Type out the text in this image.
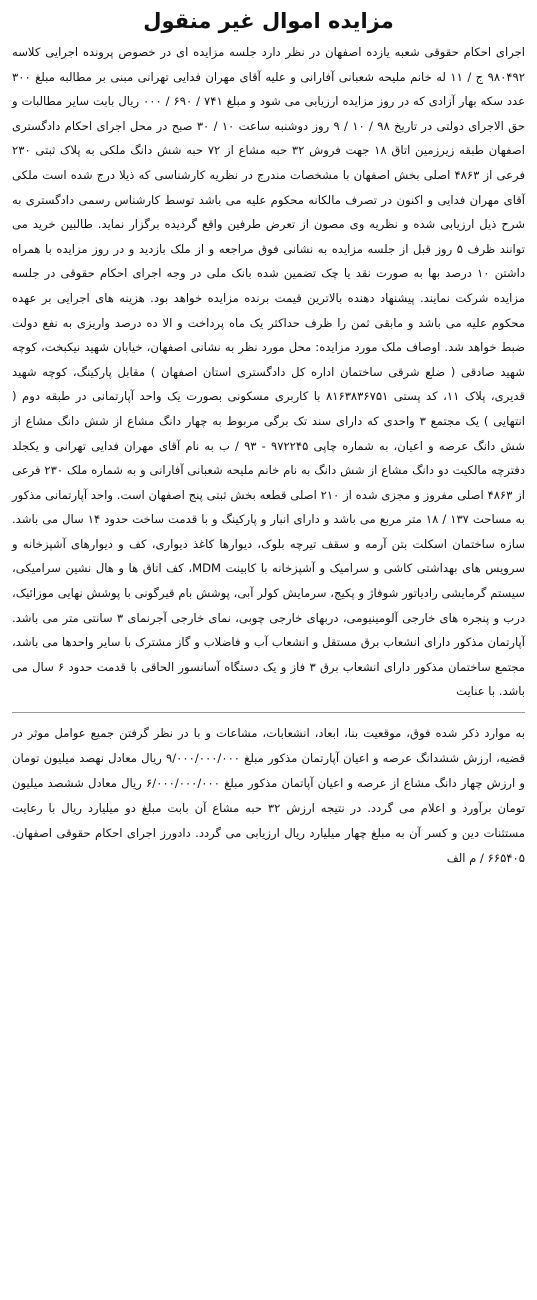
مزایده اموال غیر منقول

اجرای احکام حقوقی شعبه یازده اصفهان در نظر دارد جلسه مزایده ای در خصوص پرونده اجرایی کلاسه ۹۸۰۴۹۲ ج / ۱۱ له خانم ملیحه شعبانی آفارانی و علیه آقای مهران فدایی تهرانی مبنی بر مطالبه مبلغ ۳۰۰ عدد سکه بهار آزادی که در روز مزایده ارزیابی می شود و مبلغ ۷۴۱ / ۶۹۰ / ۰۰۰ ریال بابت سایر مطالبات و حق الاجرای دولتی در تاریخ ۹۸ / ۱۰ / ۹ روز دوشنبه ساعت ۱۰ / ۳۰ صبح در محل اجرای احکام دادگستری اصفهان طبقه زیرزمین اتاق ۱۸ جهت فروش ۳۲ حبه مشاع از ۷۲ حبه شش دانگ ملکی به پلاک ثبتی ۲۳۰ فرعی از ۴۸۶۳ اصلی بخش اصفهان با مشخصات مندرج در نظریه کارشناسی که ذیلا درج شده است ملکی آقای مهران فدایی و اکنون در تصرف مالکانه محکوم علیه می باشد توسط کارشناس رسمی دادگستری به شرح ذیل ارزیابی شده و نظریه وی مصون از تعرض طرفین واقع گردیده برگزار نماید. طالبین خرید می توانند ظرف ۵ روز قبل از جلسه مزایده به نشانی فوق مراجعه و از ملک بازدید و در روز مزایده با همراه داشتن ۱۰ درصد بها به صورت نقد یا چک تضمین شده بانک ملی در وجه اجرای احکام حقوقی در جلسه مزایده شرکت نمایند. پیشنهاد دهنده بالاترین قیمت برنده مزایده خواهد بود. هزینه های اجرایی بر عهده محکوم علیه می باشد و مابقی ثمن را ظرف حداکثر یک ماه پرداخت و الا ده درصد واریزی به نفع دولت ضبط خواهد شد. اوصاف ملک مورد مزایده: محل مورد نظر به نشانی اصفهان، خیابان شهید نیکبخت، کوچه شهید صادقی ( ضلع شرقی ساختمان اداره کل دادگستری استان اصفهان ) مقابل پارکینگ، کوچه شهید قدیری، پلاک ۱۱، کد پستی ۸۱۶۳۸۳۶۷۵۱ با کاربری مسکونی بصورت یک واحد آپارتمانی در طبقه دوم ( انتهایی ) یک مجتمع ۳ واحدی که دارای سند تک برگی مربوط به چهار دانگ مشاع از شش دانگ مشاع از شش دانگ عرصه و اعیان، به شماره چاپی ۹۷۲۲۴۵ - ۹۳ / ب به نام آقای مهران فدایی تهرانی و یکجلد دفترچه مالکیت دو دانگ مشاع از شش دانگ به نام خانم ملیحه شعبانی آفارانی و به شماره ملک ۲۳۰ فرعی از ۴۸۶۳ اصلی مفروز و مجزی شده از ۲۱۰ اصلی قطعه بخش ثبتی پنج اصفهان است. واحد آپارتمانی مذکور به مساحت ۱۳۷ / ۱۸ متر مربع می باشد و دارای انبار و پارکینگ و با قدمت ساخت حدود ۱۴ سال می باشد. سازه ساختمان اسکلت بتن آرمه و سقف تیرچه بلوک، دیوارها کاغذ دیواری، کف و دیوارهای آشپزخانه و سرویس های بهداشتی کاشی و سرامیک و آشپزخانه با کابینت MDM، کف اتاق ها و هال نشین سرامیکی، سیستم گرمایشی رادیاتور شوفاژ و پکیج، سرمایش کولر آبی، پوشش بام قیرگونی با پوشش نهایی موزائیک، درب و پنجره های خارجی آلومینیومی، دربهای خارجی چوبی، نمای خارجی آجرنمای ۳ سانتی متر می باشد. آپارتمان مذکور دارای انشعاب برق مستقل و انشعاب آب و فاضلاب و گاز مشترک با سایر واحدها می باشد، مجتمع ساختمان مذکور دارای انشعاب برق ۳ فاز و یک دستگاه آسانسور الحاقی با قدمت حدود ۶ سال می باشد. با عنایت

به موارد ذکر شده فوق، موقعیت بنا، ابعاد، انشعابات، مشاعات و با در نظر گرفتن جمیع عوامل موثر در قضیه، ارزش ششدانگ عرصه و اعیان آپارتمان مذکور مبلغ ۹/۰۰۰/۰۰۰/۰۰۰ ریال معادل نهصد میلیون تومان و ارزش چهار دانگ مشاع از عرصه و اعیان آپاتمان مذکور مبلغ ۶/۰۰۰/۰۰۰/۰۰۰ ریال معادل ششصد میلیون تومان برآورد و اعلام می گردد. در نتیجه ارزش ۳۲ حبه مشاع آن بابت مبلغ دو میلیارد ریال با رعایت مستثنات دین و کسر آن به مبلغ چهار میلیارد ریال ارزیابی می گردد. دادورز اجرای احکام حقوقی اصفهان. ۶۶۵۴۰۵ / م الف
